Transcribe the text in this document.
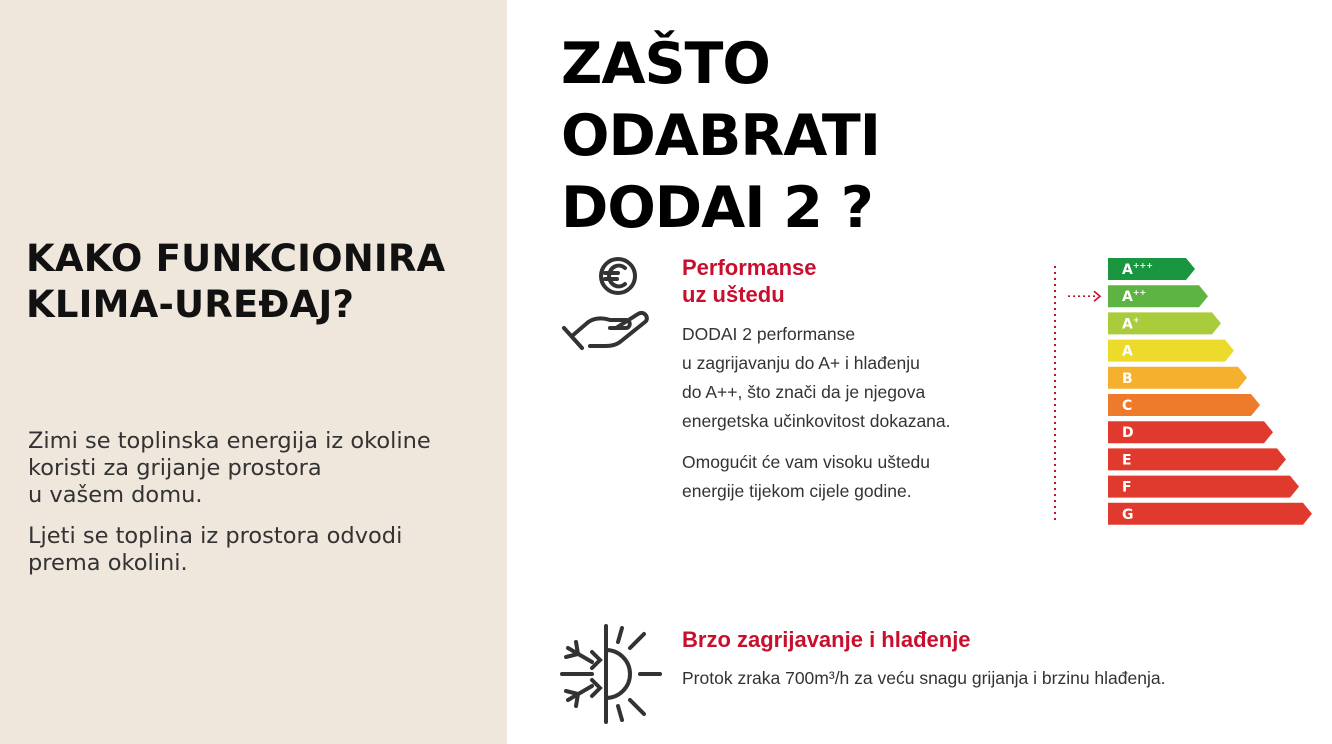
KAKO FUNKCIONIRA
KLIMA-UREĐAJ?

Zimi se toplinska energija iz okoline
koristi za grijanje prostora
u vašem domu.

Ljeti se toplina iz prostora odvodi
prema okolini.

ZAŠTO
ODABRATI
DODAI 2 ?
Performanse
uz uštedu

DODAI 2 performanse
u zagrijavanju do A+ i hlađenju
do A++, što znači da je njegova
energetska učinkovitost dokazana.

Omogućit će vam visoku uštedu
energije tijekom cijele godine.

A+++
A++
A+
A
B
C
D
E
F
G
Brzo zagrijavanje i hlađenje

Protok zraka 700m³/h za veću snagu grijanja i brzinu hlađenja.
